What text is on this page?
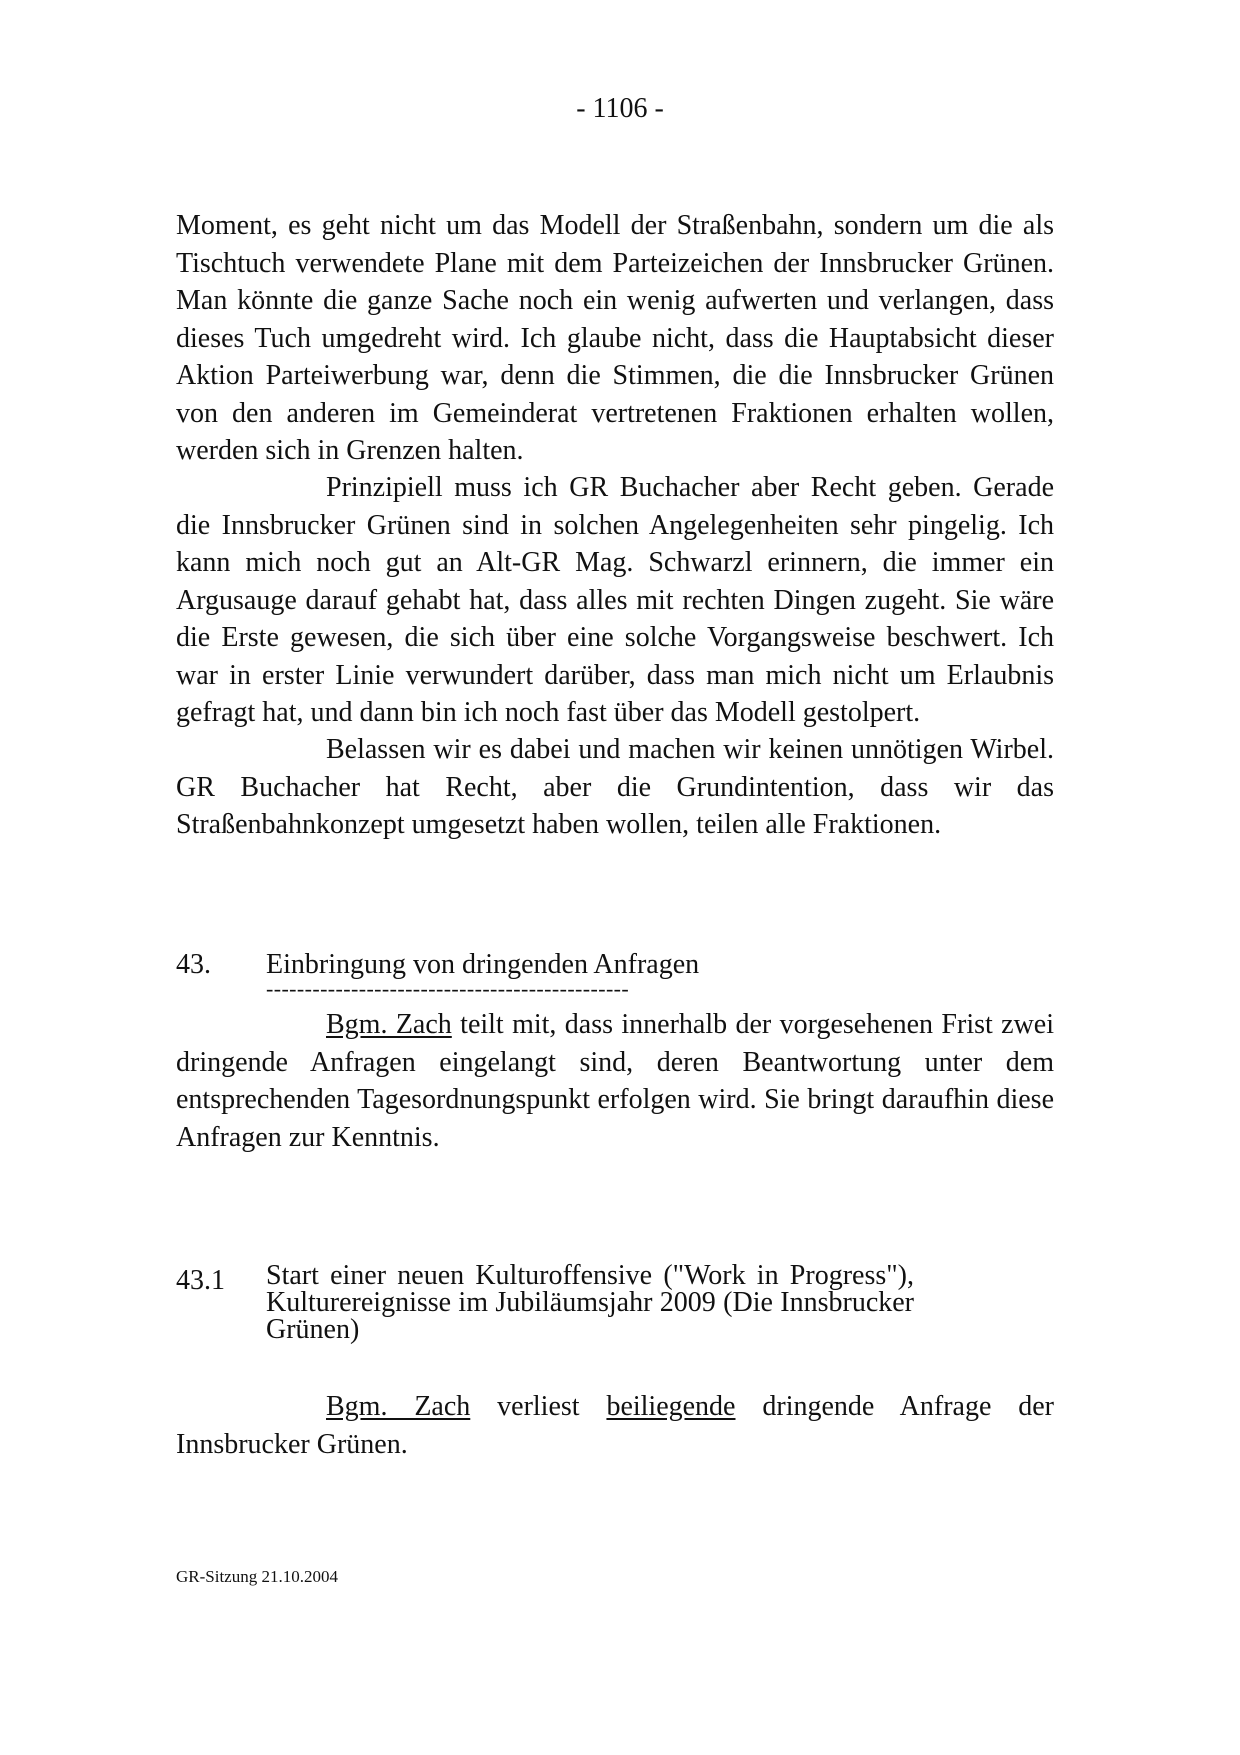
- 1106 -

Moment, es geht nicht um das Modell der Straßenbahn, sondern um die als Tischtuch verwendete Plane mit dem Parteizeichen der Innsbrucker Grünen. Man könnte die ganze Sache noch ein wenig aufwerten und verlangen, dass dieses Tuch umgedreht wird. Ich glaube nicht, dass die Hauptabsicht dieser Aktion Parteiwerbung war, denn die Stimmen, die die Innsbrucker Grünen von den anderen im Gemeinderat vertretenen Fraktionen erhalten wollen, werden sich in Grenzen halten.

Prinzipiell muss ich GR Buchacher aber Recht geben. Gerade die Innsbrucker Grünen sind in solchen Angelegenheiten sehr pingelig. Ich kann mich noch gut an Alt-GR Mag. Schwarzl erinnern, die immer ein Argusauge darauf gehabt hat, dass alles mit rechten Dingen zugeht. Sie wäre die Erste gewesen, die sich über eine solche Vorgangsweise beschwert. Ich war in erster Linie verwundert darüber, dass man mich nicht um Erlaubnis gefragt hat, und dann bin ich noch fast über das Modell gestolpert.

Belassen wir es dabei und machen wir keinen unnötigen Wirbel. GR Buchacher hat Recht, aber die Grundintention, dass wir das Straßenbahnkonzept umgesetzt haben wollen, teilen alle Fraktionen.

43. Einbringung von dringenden Anfragen
-----------------------------------------------

Bgm. Zach teilt mit, dass innerhalb der vorgesehenen Frist zwei dringende Anfragen eingelangt sind, deren Beantwortung unter dem entsprechenden Tagesordnungspunkt erfolgen wird. Sie bringt daraufhin diese Anfragen zur Kenntnis.

43.1 Start einer neuen Kulturoffensive ("Work in Progress"), Kulturereignisse im Jubiläumsjahr 2009 (Die Innsbrucker Grünen)

Bgm. Zach verliest beiliegende dringende Anfrage der Innsbrucker Grünen.

GR-Sitzung 21.10.2004
